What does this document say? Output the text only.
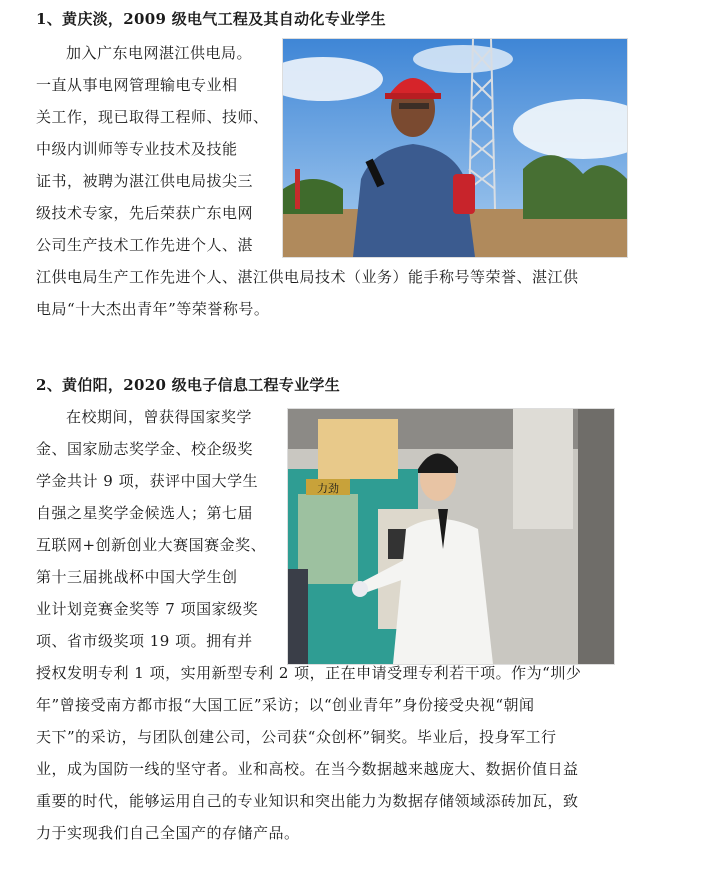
1、黄庆淡，2009 级电气工程及其自动化专业学生
加入广东电网湛江供电局。
一直从事电网管理输电专业相
关工作，现已取得工程师、技师、
中级内训师等专业技术及技能
证书，被聘为湛江供电局拔尖三
级技术专家，先后荣获广东电网
公司生产技术工作先进个人、湛
江供电局生产工作先进个人、湛江供电局技术（业务）能手称号等荣誉、湛江供
电局“十大杰出青年”等荣誉称号。
2、黄伯阳，2020 级电子信息工程专业学生
在校期间，曾获得国家奖学
金、国家励志奖学金、校企级奖
学金共计 9 项，获评中国大学生
自强之星奖学金候选人；第七届
互联网+创新创业大赛国赛金奖、
第十三届挑战杯中国大学生创
业计划竞赛金奖等 7 项国家级奖
项、省市级奖项 19 项。拥有并
授权发明专利 1 项，实用新型专利 2 项，正在申请受理专利若干项。作为“圳少
年”曾接受南方都市报“大国工匠”采访；以“创业青年”身份接受央视“朝闻
天下”的采访，与团队创建公司，公司获“众创杯”铜奖。毕业后，投身军工行
业，成为国防一线的坚守者。业和高校。在当今数据越来越庞大、数据价值日益
重要的时代，能够运用自己的专业知识和突出能力为数据存储领域添砖加瓦，致
力于实现我们自己全国产的存储产品。
力劲
